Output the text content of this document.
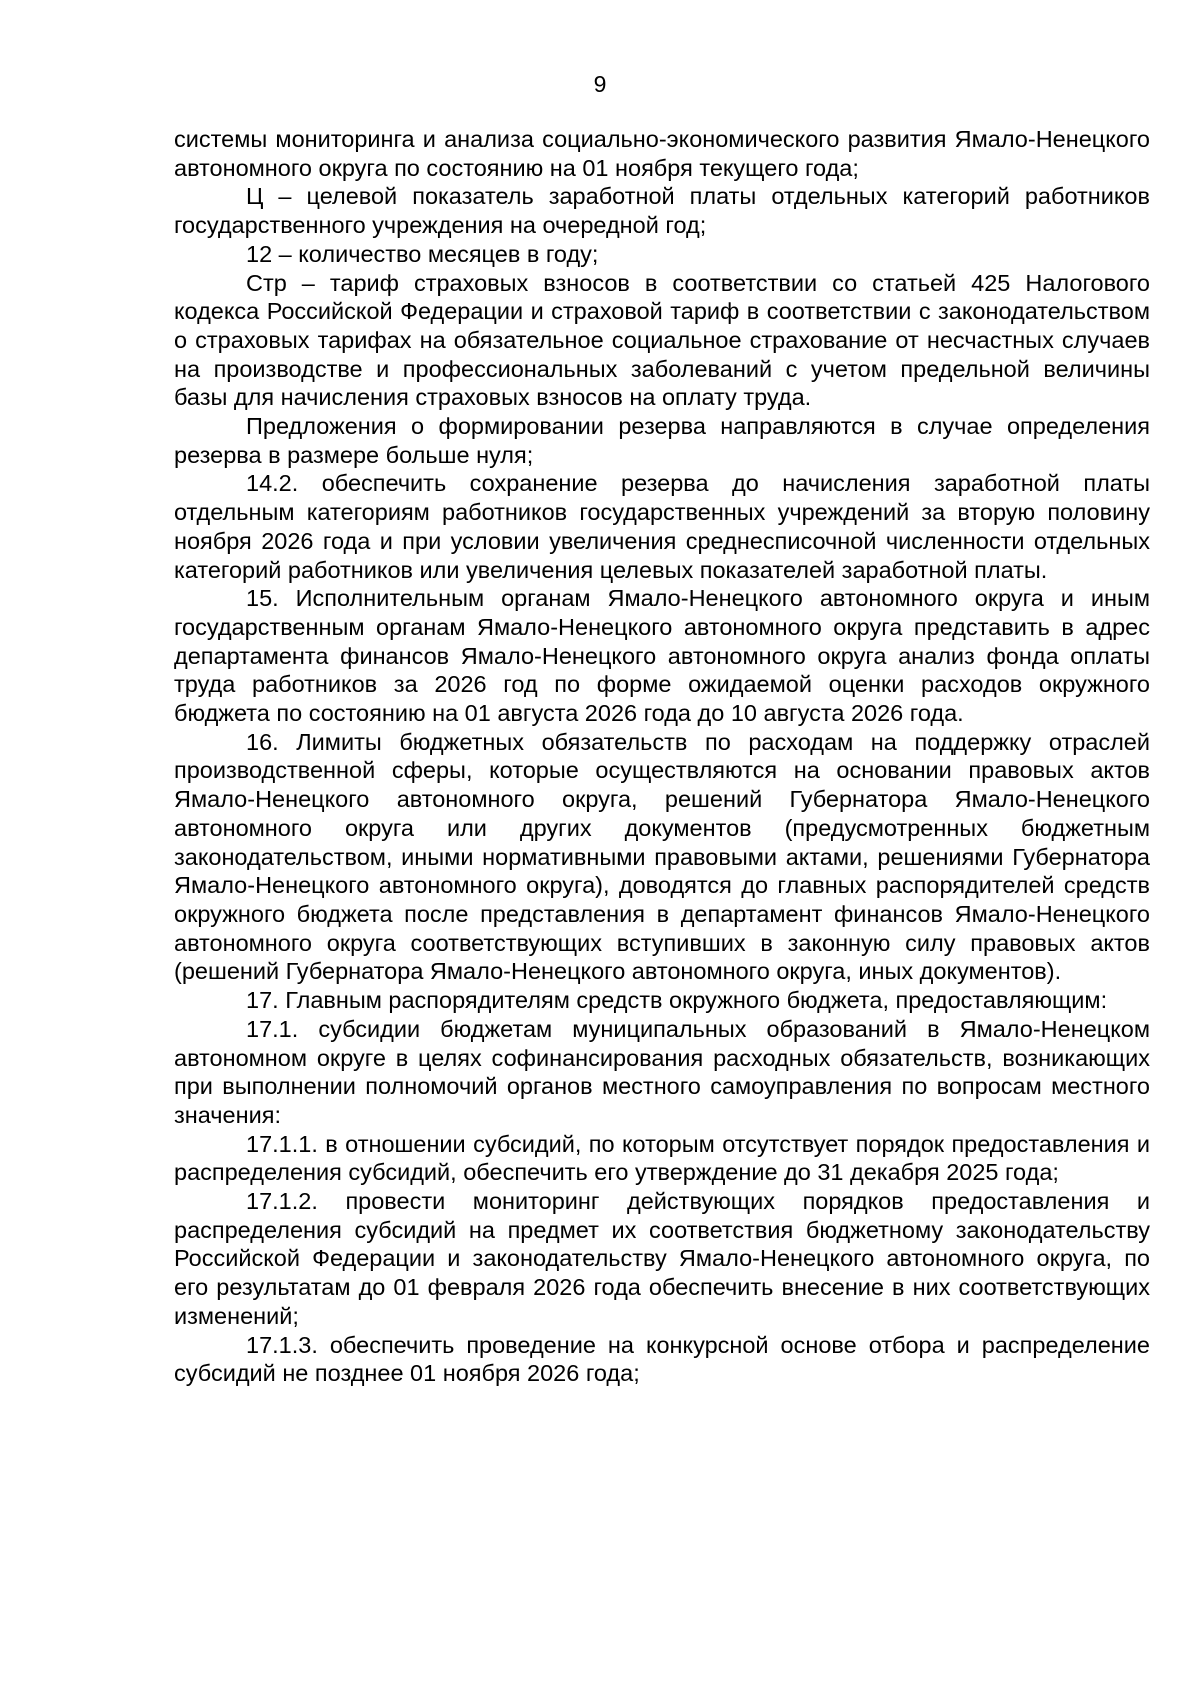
9

системы мониторинга и анализа социально-экономического развития Ямало-Ненецкого автономного округа по состоянию на 01 ноября текущего года;

Ц – целевой показатель заработной платы отдельных категорий работников государственного учреждения на очередной год;

12 – количество месяцев в году;

Стр – тариф страховых взносов в соответствии со статьей 425 Налогового кодекса Российской Федерации и страховой тариф в соответствии с законодательством о страховых тарифах на обязательное социальное страхование от несчастных случаев на производстве и профессиональных заболеваний с учетом предельной величины базы для начисления страховых взносов на оплату труда.

Предложения о формировании резерва направляются в случае определения резерва в размере больше нуля;

14.2. обеспечить сохранение резерва до начисления заработной платы отдельным категориям работников государственных учреждений за вторую половину ноября 2026 года и при условии увеличения среднесписочной численности отдельных категорий работников или увеличения целевых показателей заработной платы.

15. Исполнительным органам Ямало-Ненецкого автономного округа и иным государственным органам Ямало-Ненецкого автономного округа представить в адрес департамента финансов Ямало-Ненецкого автономного округа анализ фонда оплаты труда работников за 2026 год по форме ожидаемой оценки расходов окружного бюджета по состоянию на 01 августа 2026 года до 10 августа 2026 года.

16. Лимиты бюджетных обязательств по расходам на поддержку отраслей производственной сферы, которые осуществляются на основании правовых актов Ямало-Ненецкого автономного округа, решений Губернатора Ямало-Ненецкого автономного округа или других документов (предусмотренных бюджетным законодательством, иными нормативными правовыми актами, решениями Губернатора Ямало-Ненецкого автономного округа), доводятся до главных распорядителей средств окружного бюджета после представления в департамент финансов Ямало-Ненецкого автономного округа соответствующих вступивших в законную силу правовых актов (решений Губернатора Ямало-Ненецкого автономного округа, иных документов).

17. Главным распорядителям средств окружного бюджета, предоставляющим:

17.1. субсидии бюджетам муниципальных образований в Ямало-Ненецком автономном округе в целях софинансирования расходных обязательств, возникающих при выполнении полномочий органов местного самоуправления по вопросам местного значения:

17.1.1. в отношении субсидий, по которым отсутствует порядок предоставления и распределения субсидий, обеспечить его утверждение до 31 декабря 2025 года;

17.1.2. провести мониторинг действующих порядков предоставления и распределения субсидий на предмет их соответствия бюджетному законодательству Российской Федерации и законодательству Ямало-Ненецкого автономного округа, по его результатам до 01 февраля 2026 года обеспечить внесение в них соответствующих изменений;

17.1.3. обеспечить проведение на конкурсной основе отбора и распределение субсидий не позднее 01 ноября 2026 года;
